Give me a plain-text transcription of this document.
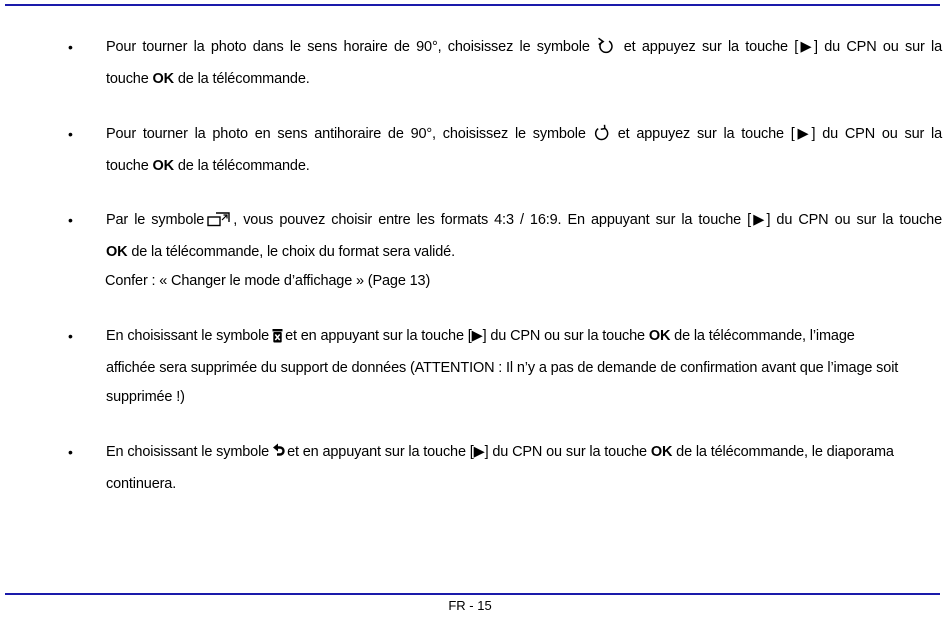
•	Pour tourner la photo dans le sens horaire de 90°, choisissez le symbole et appuyez sur la touche [▶] du CPN ou sur la
touche OK de la télécommande.
•	Pour tourner la photo en sens antihoraire de 90°, choisissez le symbole et appuyez sur la touche [▶] du CPN ou sur la
touche OK de la télécommande.
•	Par le symbole , vous pouvez choisir entre les formats 4:3 / 16:9. En appuyant sur la touche [▶] du CPN ou sur la touche
OK de la télécommande, le choix du format sera validé.
Confer : « Changer le mode d’affichage » (Page 13)
•	En choisissant le symbole et en appuyant sur la touche [▶] du CPN ou sur la touche OK de la télécommande, l’image
affichée sera supprimée du support de données (ATTENTION : Il n’y a pas de demande de confirmation avant que l’image soit
supprimée !)
•	En choisissant le symbole et en appuyant sur la touche [▶] du CPN ou sur la touche OK de la télécommande, le diaporama
continuera.
FR - 15
